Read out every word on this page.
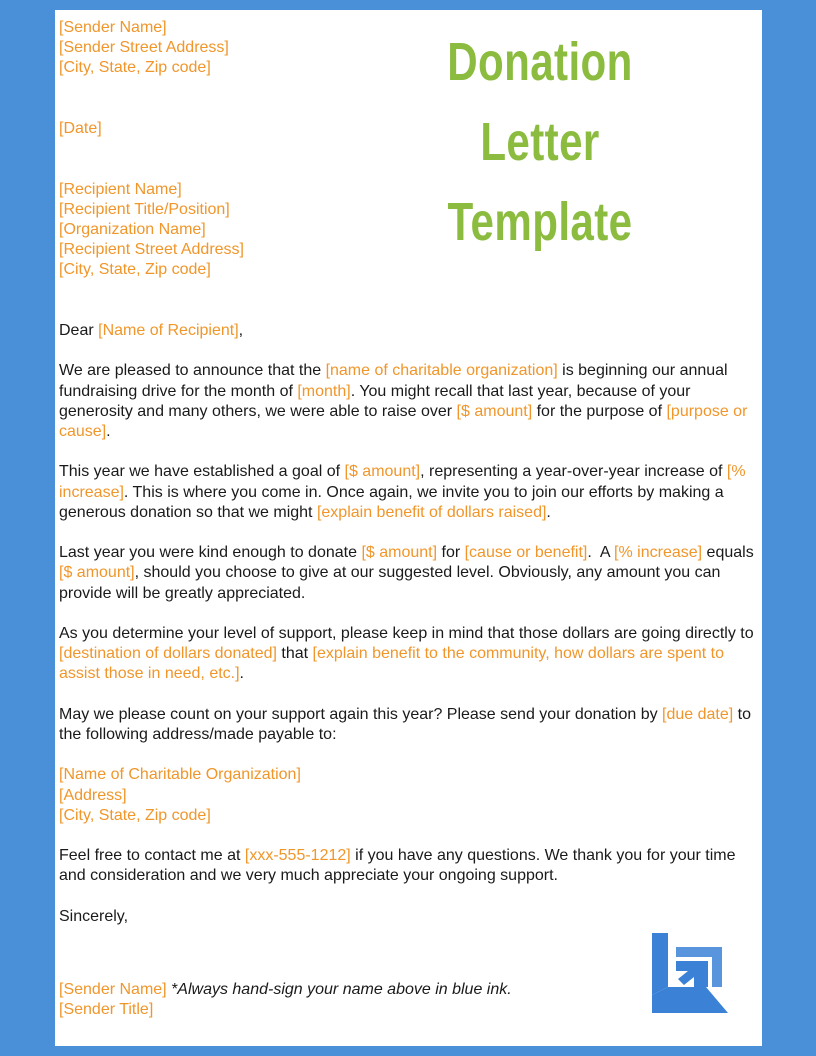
Donation Letter
Template

[Sender Name]

[Sender Street Address]

[City, State, Zip code]

[Date]

[Recipient Name]

[Recipient Title/Position]

[Organization Name]

[Recipient Street Address]

[City, State, Zip code]

Dear [Name of Recipient],

We are pleased to announce that the [name of charitable organization] is beginning our annual fundraising drive for the month of [month]. You might recall that last year, because of your generosity and many others, we were able to raise over [$ amount] for the purpose of [purpose or cause].

This year we have established a goal of [$ amount], representing a year-over-year increase of [% increase]. This is where you come in. Once again, we invite you to join our efforts by making a generous donation so that we might [explain benefit of dollars raised].

Last year you were kind enough to donate [$ amount] for [cause or benefit].  A [% increase] equals [$ amount], should you choose to give at our suggested level. Obviously, any amount you can provide will be greatly appreciated.

As you determine your level of support, please keep in mind that those dollars are going directly to [destination of dollars donated] that [explain benefit to the community, how dollars are spent to assist those in need, etc.].

May we please count on your support again this year? Please send your donation by [due date] to the following address/made payable to:

[Name of Charitable Organization]

[Address]

[City, State, Zip code]

Feel free to contact me at [xxx-555-1212] if you have any questions. We thank you for your time and consideration and we very much appreciate your ongoing support.

Sincerely,

[Sender Name] *Always hand-sign your name above in blue ink.

[Sender Title]
